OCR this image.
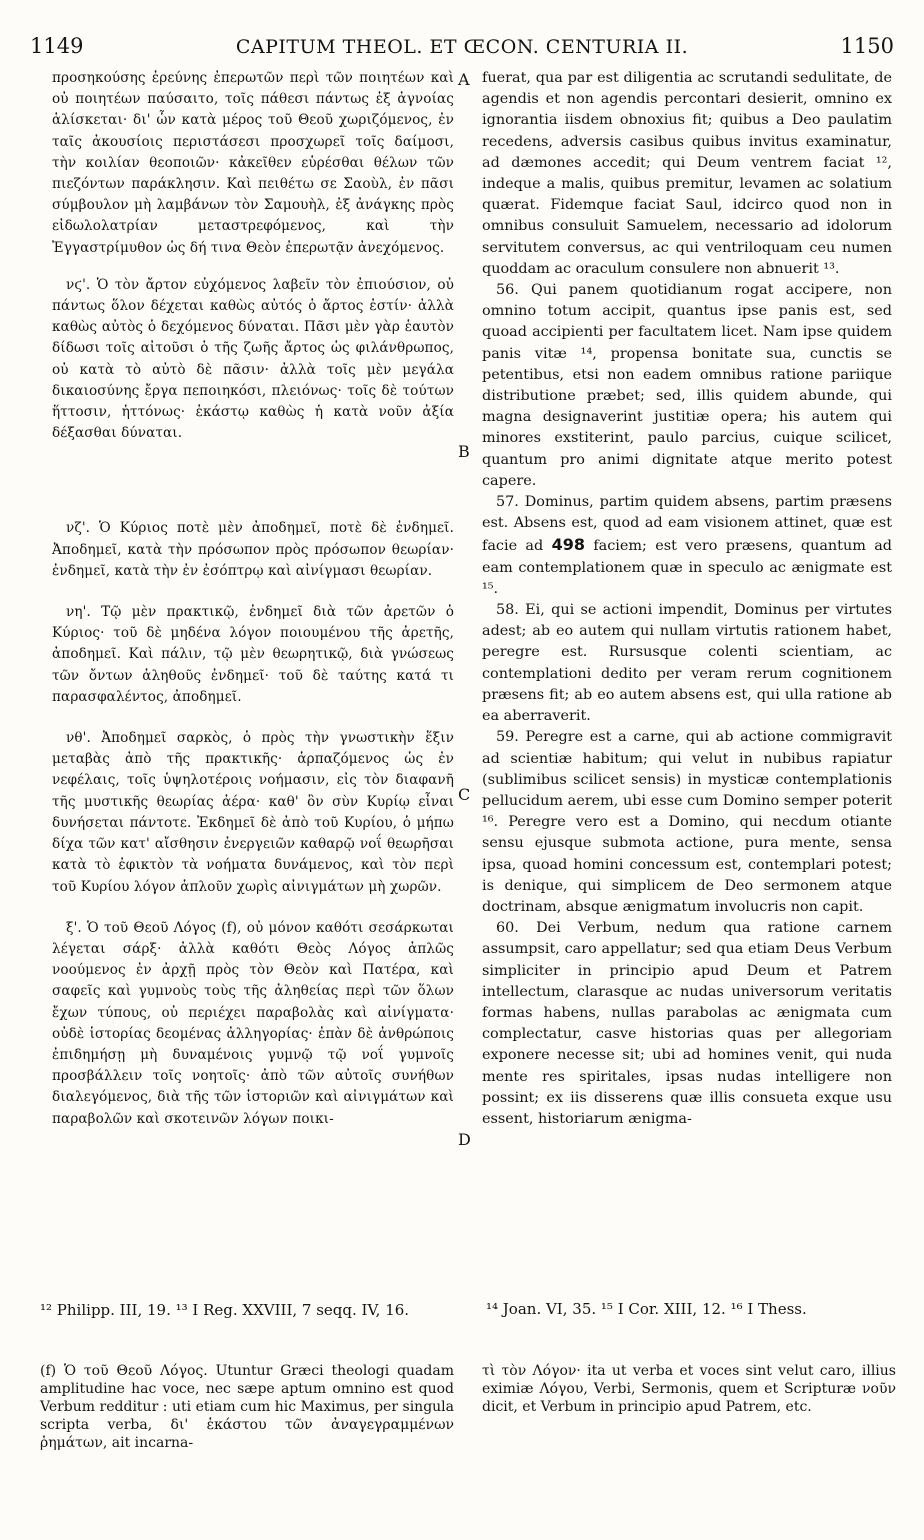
1149	CAPITUM THEOL. ET ŒCON. CENTURIA II.	1150

προσηκούσης ἐρεύνης ἐπερωτῶν περὶ τῶν ποιητέων καὶ οὐ ποιητέων παύσαιτο, τοῖς πάθεσι πάντως ἐξ ἀγνοίας ἁλίσκεται· δι' ὧν κατὰ μέρος τοῦ Θεοῦ χωριζόμενος, ἐν ταῖς ἀκουσίοις περιστάσεσι προσχωρεῖ τοῖς δαίμοσι, τὴν κοιλίαν θεοποιῶν· κἀκεῖθεν εὑρέσθαι θέλων τῶν πιεζόντων παράκλησιν. Καὶ πειθέτω σε Σαοὺλ, ἐν πᾶσι σύμβουλον μὴ λαμβάνων τὸν Σαμουὴλ, ἐξ ἀνάγκης πρὸς εἰδωλολατρίαν μεταστρεφόμενος, καὶ τὴν Ἐγγαστρίμυθον ὡς δή τινα Θεὸν ἐπερωτᾷν ἀνεχόμενος.

νϛ'. Ὁ τὸν ἄρτον εὐχόμενος λαβεῖν τὸν ἐπιούσιον, οὐ πάντως ὅλον δέχεται καθὼς αὐτός ὁ ἄρτος ἐστίν· ἀλλὰ καθὼς αὐτὸς ὁ δεχόμενος δύναται. Πᾶσι μὲν γὰρ ἑαυτὸν δίδωσι τοῖς αἰτοῦσι ὁ τῆς ζωῆς ἄρτος ὡς φιλάνθρωπος, οὐ κατὰ τὸ αὐτὸ δὲ πᾶσιν· ἀλλὰ τοῖς μὲν μεγάλα δικαιοσύνης ἔργα πεποιηκόσι, πλειόνως· τοῖς δὲ τούτων ἥττοσιν, ἡττόνως· ἑκάστῳ καθὼς ἡ κατὰ νοῦν ἀξία δέξασθαι δύναται.

νζ'. Ὁ Κύριος ποτὲ μὲν ἀποδημεῖ, ποτὲ δὲ ἐνδημεῖ. Ἀποδημεῖ, κατὰ τὴν πρόσωπον πρὸς πρόσωπον θεωρίαν· ἐνδημεῖ, κατὰ τὴν ἐν ἐσόπτρῳ καὶ αἰνίγμασι θεωρίαν.

νη'. Τῷ μὲν πρακτικῷ, ἐνδημεῖ διὰ τῶν ἀρετῶν ὁ Κύριος· τοῦ δὲ μηδένα λόγον ποιουμένου τῆς ἀρετῆς, ἀποδημεῖ. Καὶ πάλιν, τῷ μὲν θεωρητικῷ, διὰ γνώσεως τῶν ὄντων ἀληθοῦς ἐνδημεῖ· τοῦ δὲ ταύτης κατά τι παρασφαλέντος, ἀποδημεῖ.

νθ'. Ἀποδημεῖ σαρκὸς, ὁ πρὸς τὴν γνωστικὴν ἕξιν μεταβὰς ἀπὸ τῆς πρακτικῆς· ἁρπαζόμενος ὡς ἐν νεφέλαις, τοῖς ὑψηλοτέροις νοήμασιν, εἰς τὸν διαφανῆ τῆς μυστικῆς θεωρίας ἀέρα· καθ' ὃν σὺν Κυρίῳ εἶναι δυνήσεται πάντοτε. Ἐκδημεῖ δὲ ἀπὸ τοῦ Κυρίου, ὁ μήπω δίχα τῶν κατ' αἴσθησιν ἐνεργειῶν καθαρῷ νοΐ θεωρῆσαι κατὰ τὸ ἐφικτὸν τὰ νοήματα δυνάμενος, καὶ τὸν περὶ τοῦ Κυρίου λόγον ἁπλοῦν χωρὶς αἰνιγμάτων μὴ χωρῶν.

ξ'. Ὁ τοῦ Θεοῦ Λόγος (f), οὐ μόνον καθότι σεσάρκωται λέγεται σάρξ· ἀλλὰ καθότι Θεὸς Λόγος ἁπλῶς νοούμενος ἐν ἀρχῇ πρὸς τὸν Θεὸν καὶ Πατέρα, καὶ σαφεῖς καὶ γυμνοὺς τοὺς τῆς ἀληθείας περὶ τῶν ὅλων ἔχων τύπους, οὐ περιέχει παραβολὰς καὶ αἰνίγματα· οὐδὲ ἱστορίας δεομένας ἀλληγορίας· ἐπὰν δὲ ἀνθρώποις ἐπιδημήσῃ μὴ δυναμένοις γυμνῷ τῷ νοΐ γυμνοῖς προσβάλλειν τοῖς νοητοῖς· ἀπὸ τῶν αὐτοῖς συνήθων διαλεγόμενος, διὰ τῆς τῶν ἱστοριῶν καὶ αἰνιγμάτων καὶ παραβολῶν καὶ σκοτεινῶν λόγων ποικι-

A
B
C
D

fuerat, qua par est diligentia ac scrutandi sedulitate, de agendis et non agendis percontari desierit, omnino ex ignorantia iisdem obnoxius fit; quibus a Deo paulatim recedens, adversis casibus quibus invitus examinatur, ad dæmones accedit; qui Deum ventrem faciat ¹², indeque a malis, quibus premitur, levamen ac solatium quærat. Fidemque faciat Saul, idcirco quod non in omnibus consuluit Samuelem, necessario ad idolorum servitutem conversus, ac qui ventriloquam ceu numen quoddam ac oraculum consulere non abnuerit ¹³.

56. Qui panem quotidianum rogat accipere, non omnino totum accipit, quantus ipse panis est, sed quoad accipienti per facultatem licet. Nam ipse quidem panis vitæ ¹⁴, propensa bonitate sua, cunctis se petentibus, etsi non eadem omnibus ratione pariique distributione præbet; sed, illis quidem abunde, qui magna designaverint justitiæ opera; his autem qui minores exstiterint, paulo parcius, cuique scilicet, quantum pro animi dignitate atque merito potest capere.

57. Dominus, partim quidem absens, partim præsens est. Absens est, quod ad eam visionem attinet, quæ est facie ad 498 faciem; est vero præsens, quantum ad eam contemplationem quæ in speculo ac ænigmate est ¹⁵.

58. Ei, qui se actioni impendit, Dominus per virtutes adest; ab eo autem qui nullam virtutis rationem habet, peregre est. Rursusque colenti scientiam, ac contemplationi dedito per veram rerum cognitionem præsens fit; ab eo autem absens est, qui ulla ratione ab ea aberraverit.

59. Peregre est a carne, qui ab actione commigravit ad scientiæ habitum; qui velut in nubibus rapiatur (sublimibus scilicet sensis) in mysticæ contemplationis pellucidum aerem, ubi esse cum Domino semper poterit ¹⁶. Peregre vero est a Domino, qui necdum otiante sensu ejusque submota actione, pura mente, sensa ipsa, quoad homini concessum est, contemplari potest; is denique, qui simplicem de Deo sermonem atque doctrinam, absque ænigmatum involucris non capit.

60. Dei Verbum, nedum qua ratione carnem assumpsit, caro appellatur; sed qua etiam Deus Verbum simpliciter in principio apud Deum et Patrem intellectum, clarasque ac nudas universorum veritatis formas habens, nullas parabolas ac ænigmata cum complectatur, casve historias quas per allegoriam exponere necesse sit; ubi ad homines venit, qui nuda mente res spiritales, ipsas nudas intelligere non possint; ex iis disserens quæ illis consueta exque usu essent, historiarum ænigma-

¹² Philipp. III, 19. ¹³ I Reg. XXVIII, 7 seqq. IV, 16.	¹⁴ Joan. VI, 35. ¹⁵ I Cor. XIII, 12. ¹⁶ I Thess.
(f) Ὁ τοῦ Θεοῦ Λόγος. Utuntur Græci theologi quadam amplitudine hac voce, nec sæpe aptum omnino est quod Verbum redditur : uti etiam cum hic Maximus, per singula scripta verba, δι' ἑκάστου τῶν ἀναγεγραμμένων ῥημάτων, ait incarna-
τὶ τὸν Λόγον· ita ut verba et voces sint velut caro, illius eximiæ Λόγου, Verbi, Sermonis, quem et Scripturæ νοῦν dicit, et Verbum in principio apud Patrem, etc.
